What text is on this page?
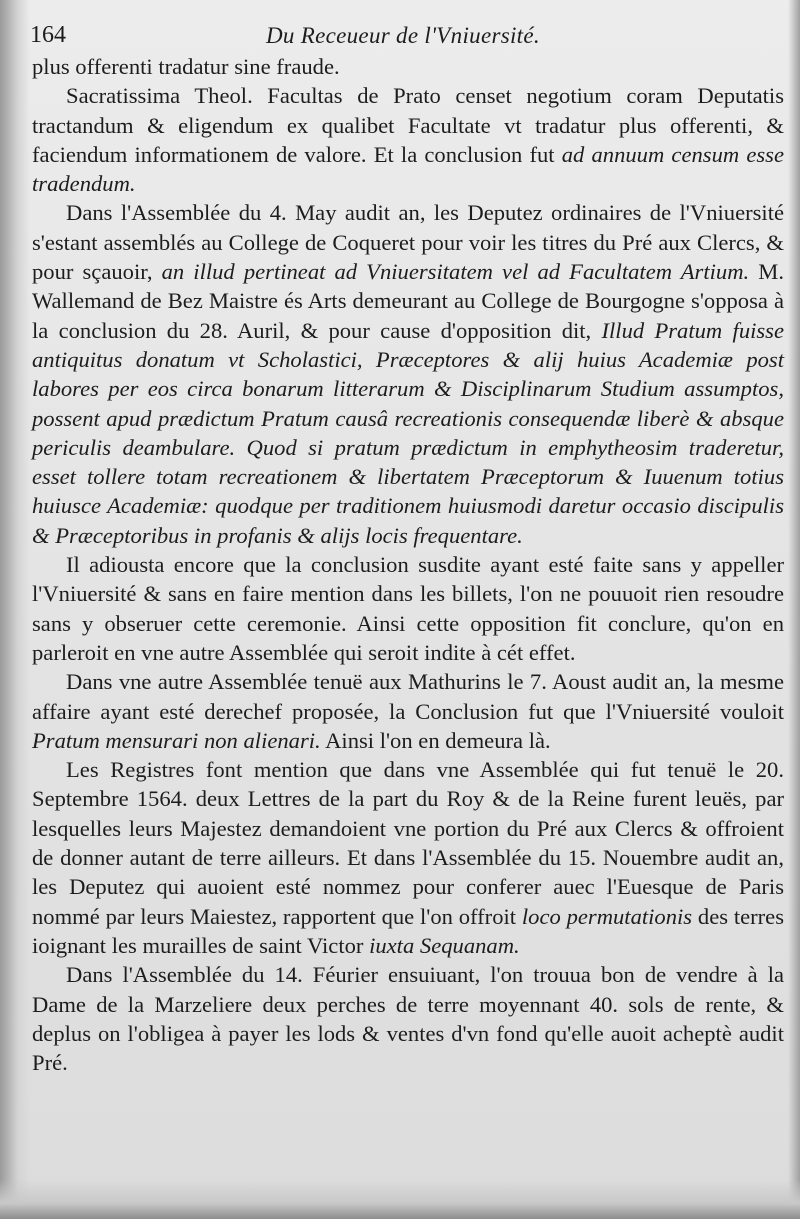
164	Du Receueur de l'Vniuersité.

plus offerenti tradatur sine fraude.

Sacratissima Theol. Facultas de Prato censet negotium coram Deputatis tractandum & eligendum ex qualibet Facultate vt tradatur plus offerenti, & faciendum informationem de valore. Et la conclusion fut ad annuum censum esse tradendum.

Dans l'Assemblée du 4. May audit an, les Deputez ordinaires de l'Vniuersité s'estant assemblés au College de Coqueret pour voir les titres du Pré aux Clercs, & pour sçauoir, an illud pertineat ad Vniuersitatem vel ad Facultatem Artium. M. Wallemand de Bez Maistre és Arts demeurant au College de Bourgogne s'opposa à la conclusion du 28. Auril, & pour cause d'opposition dit, Illud Pratum fuisse antiquitus donatum vt Scholastici, Præceptores & alij huius Academiæ post labores per eos circa bonarum litterarum & Disciplinarum Studium assumptos, possent apud prædictum Pratum causâ recreationis consequendæ liberè & absque periculis deambulare. Quod si pratum prædictum in emphytheosim traderetur, esset tollere totam recreationem & libertatem Præceptorum & Iuuenum totius huiusce Academiæ: quodque per traditionem huiusmodi daretur occasio discipulis & Præceptoribus in profanis & alijs locis frequentare.

Il adiousta encore que la conclusion susdite ayant esté faite sans y appeller l'Vniuersité & sans en faire mention dans les billets, l'on ne pouuoit rien resoudre sans y obseruer cette ceremonie. Ainsi cette opposition fit conclure, qu'on en parleroit en vne autre Assemblée qui seroit indite à cét effet.

Dans vne autre Assemblée tenuë aux Mathurins le 7. Aoust audit an, la mesme affaire ayant esté derechef proposée, la Conclusion fut que l'Vniuersité vouloit Pratum mensurari non alienari. Ainsi l'on en demeura là.

Les Registres font mention que dans vne Assemblée qui fut tenuë le 20. Septembre 1564. deux Lettres de la part du Roy & de la Reine furent leuës, par lesquelles leurs Majestez demandoient vne portion du Pré aux Clercs & offroient de donner autant de terre ailleurs. Et dans l'Assemblée du 15. Nouembre audit an, les Deputez qui auoient esté nommez pour conferer auec l'Euesque de Paris nommé par leurs Maiestez, rapportent que l'on offroit loco permutationis des terres ioignant les murailles de saint Victor iuxta Sequanam.

Dans l'Assemblée du 14. Féurier ensuiuant, l'on trouua bon de vendre à la Dame de la Marzeliere deux perches de terre moyennant 40. sols de rente, & deplus on l'obligea à payer les lods & ventes d'vn fond qu'elle auoit acheptè audit Pré.
